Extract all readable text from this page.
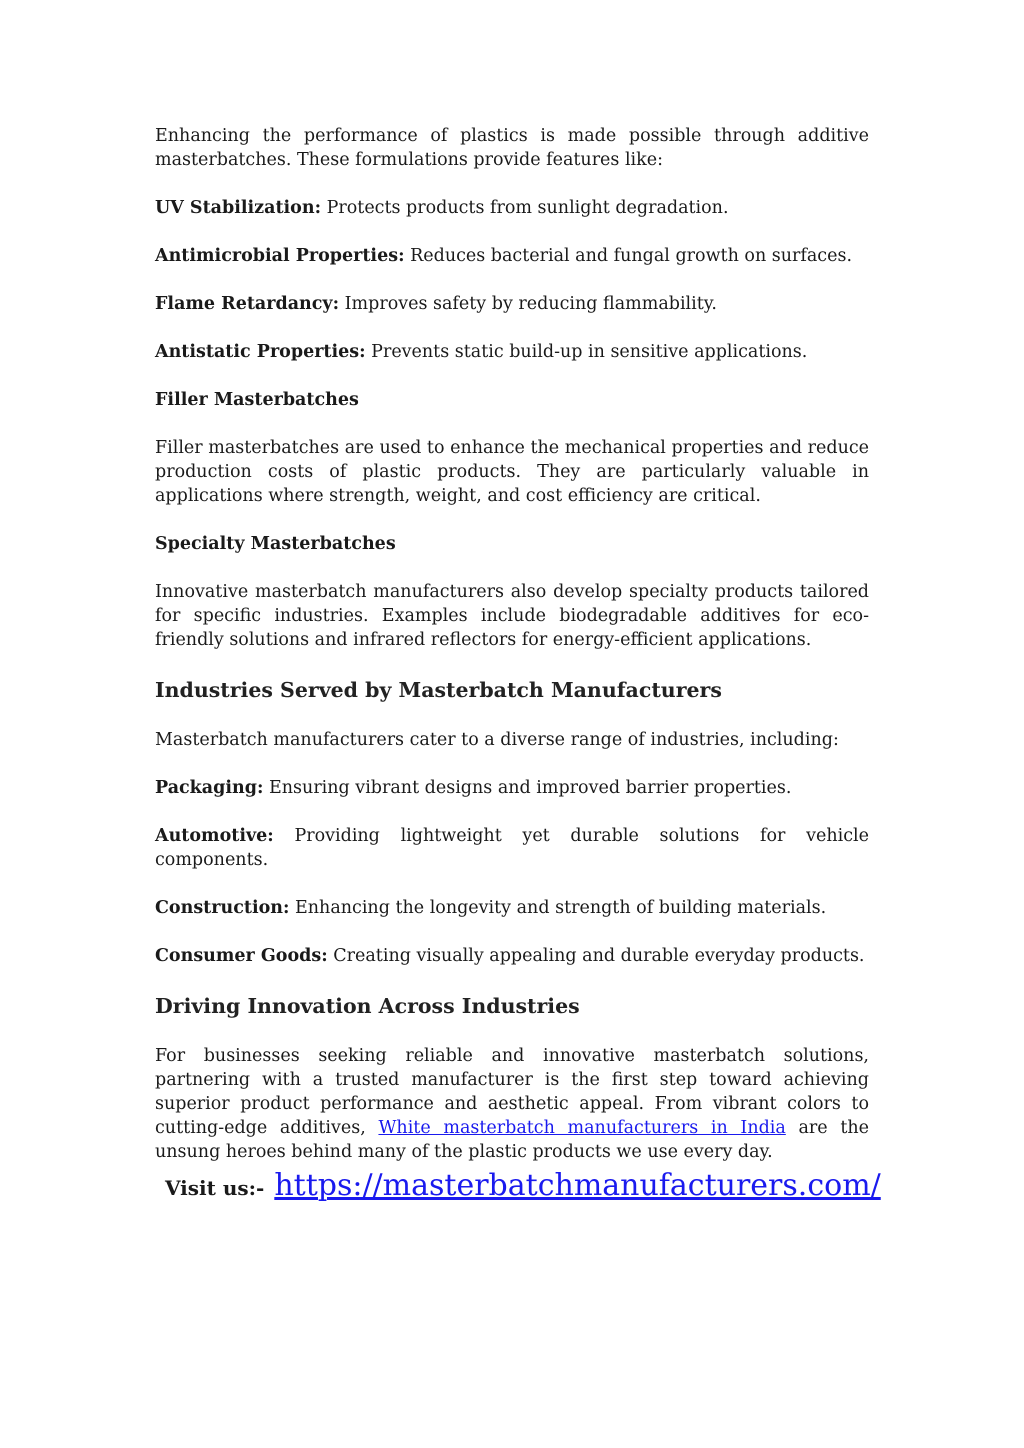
Enhancing the performance of plastics is made possible through additive masterbatches. These formulations provide features like:

UV Stabilization: Protects products from sunlight degradation.

Antimicrobial Properties: Reduces bacterial and fungal growth on surfaces.

Flame Retardancy: Improves safety by reducing flammability.

Antistatic Properties: Prevents static build-up in sensitive applications.

Filler Masterbatches

Filler masterbatches are used to enhance the mechanical properties and reduce production costs of plastic products. They are particularly valuable in applications where strength, weight, and cost efficiency are critical.

Specialty Masterbatches

Innovative masterbatch manufacturers also develop specialty products tailored for specific industries. Examples include biodegradable additives for eco-friendly solutions and infrared reflectors for energy-efficient applications.

Industries Served by Masterbatch Manufacturers

Masterbatch manufacturers cater to a diverse range of industries, including:

Packaging: Ensuring vibrant designs and improved barrier properties.

Automotive: Providing lightweight yet durable solutions for vehicle components.

Construction: Enhancing the longevity and strength of building materials.

Consumer Goods: Creating visually appealing and durable everyday products.

Driving Innovation Across Industries

For businesses seeking reliable and innovative masterbatch solutions, partnering with a trusted manufacturer is the first step toward achieving superior product performance and aesthetic appeal. From vibrant colors to cutting-edge additives, White masterbatch manufacturers in India are the unsung heroes behind many of the plastic products we use every day.

Visit us:- https://masterbatchmanufacturers.com/
